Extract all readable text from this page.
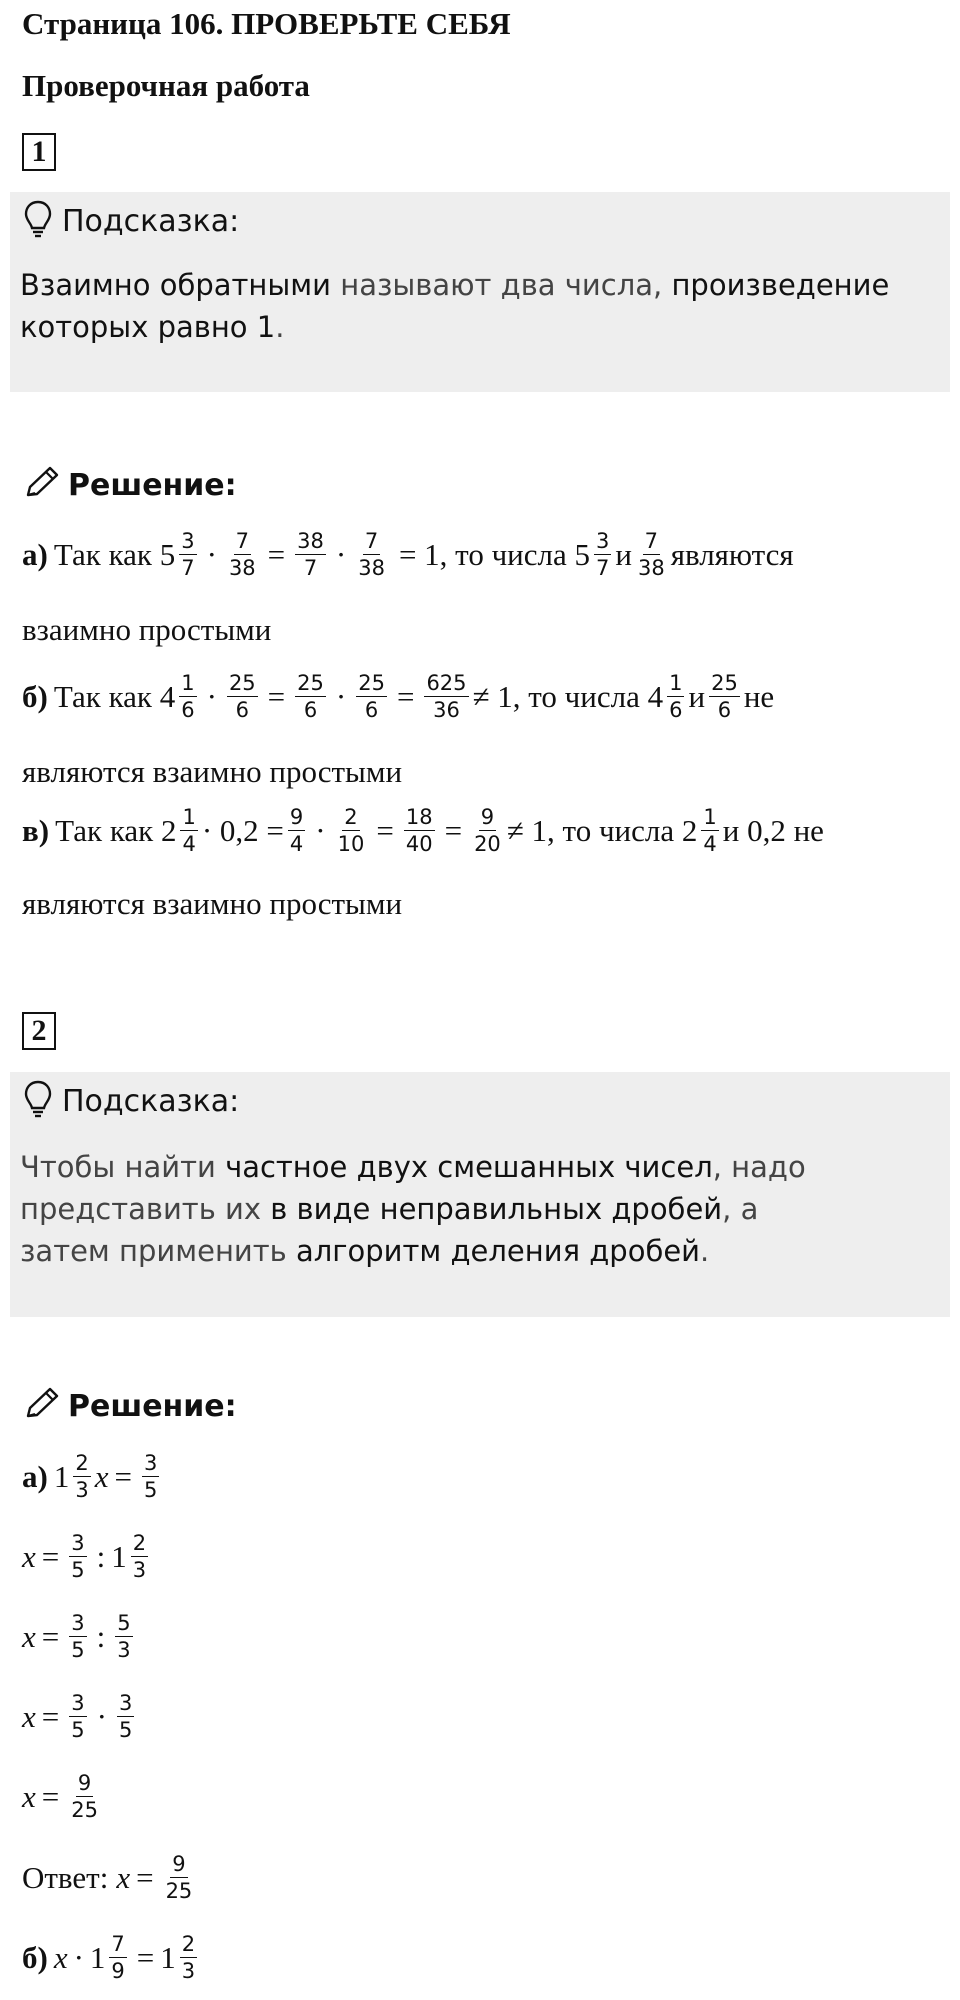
Страница 106. ПРОВЕРЬТЕ СЕБЯ
Проверочная работа
1
Подсказка:
Взаимно обратными называют два числа, произведение которых равно 1.
Решение:
а) Так как $5 \frac{3}{7} \cdot \frac{7}{38} = \frac{38}{7} \cdot \frac{7}{38} = 1$, то числа $5 \frac{3}{7}$ и $\frac{7}{38}$ являются
взаимно простыми
б) Так как $4 \frac{1}{6} \cdot \frac{25}{6} = \frac{25}{6} \cdot \frac{25}{6} = \frac{625}{36} \ne 1$, то числа $4 \frac{1}{6}$ и $\frac{25}{6}$ не
являются взаимно простыми
в) Так как $2 \frac{1}{4} \cdot 0,2 = \frac{9}{4} \cdot \frac{2}{10} = \frac{18}{40} = \frac{9}{20} \ne 1$, то числа $2 \frac{1}{4}$ и 0,2 не
являются взаимно простыми
2
Подсказка:
Чтобы найти частное двух смешанных чисел, надо представить их в виде неправильных дробей, а затем применить алгоритм деления дробей.
Решение:
а) $1 \frac{2}{3}$ $x = \frac{3}{5}$
$x = \frac{3}{5}$ : $1 \frac{2}{3}$
$x = \frac{3}{5}$ : $\frac{5}{3}$
$x = \frac{3}{5} \cdot \frac{3}{5}$
$x = \frac{9}{25}$
Ответ: $x = \frac{9}{25}$
б) $x \cdot 1 \frac{7}{9} = 1 \frac{2}{3}$
